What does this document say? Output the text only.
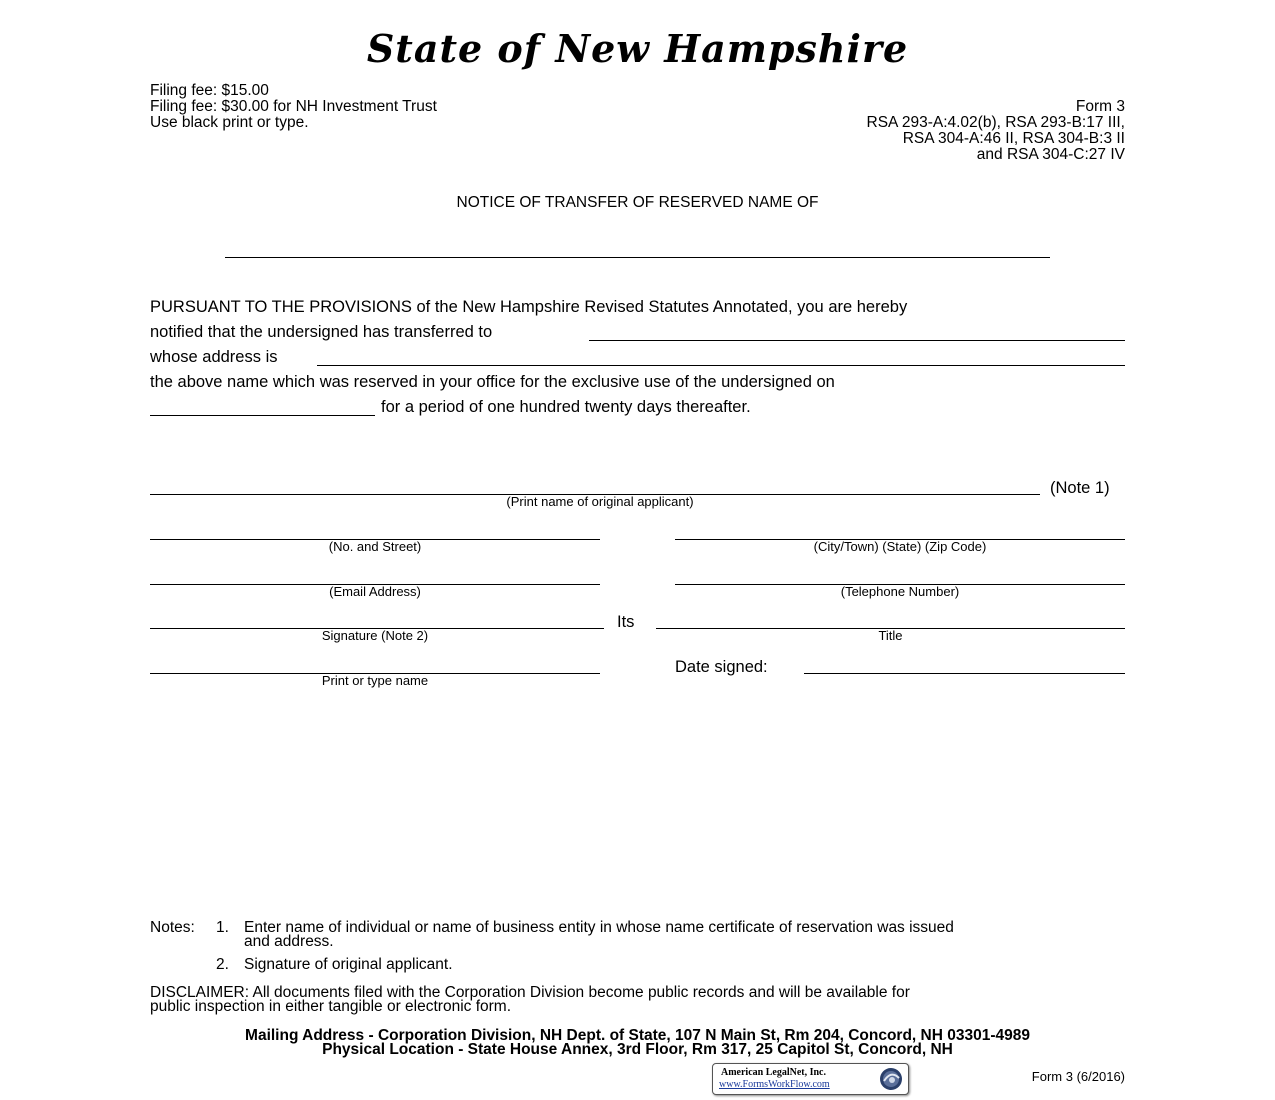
State of New Hampshire
Filing fee: $15.00
Filing fee: $30.00 for NH Investment Trust
Use black print or type.
Form 3
RSA 293-A:4.02(b), RSA 293-B:17 III,
RSA 304-A:46 II, RSA 304-B:3 II
and RSA 304-C:27 IV
NOTICE OF TRANSFER OF RESERVED NAME OF
PURSUANT TO THE PROVISIONS of the New Hampshire Revised Statutes Annotated, you are hereby
notified that the undersigned has transferred to
whose address is
the above name which was reserved in your office for the exclusive use of the undersigned on
for a period of one hundred twenty days thereafter.
(Note 1)
(Print name of original applicant)
(No. and Street)	(City/Town) (State) (Zip Code)
(Email Address)	(Telephone Number)
Signature (Note 2)
Its
Title
Print or type name
Date signed:
Notes: 1. Enter name of individual or name of business entity in whose name certificate of reservation was issued
and address.
2. Signature of original applicant.
DISCLAIMER: All documents filed with the Corporation Division become public records and will be available for
public inspection in either tangible or electronic form.
Mailing Address - Corporation Division, NH Dept. of State, 107 N Main St, Rm 204, Concord, NH 03301-4989
Physical Location - State House Annex, 3rd Floor, Rm 317, 25 Capitol St, Concord, NH
American LegalNet, Inc.
www.FormsWorkFlow.com
Form 3 (6/2016)
